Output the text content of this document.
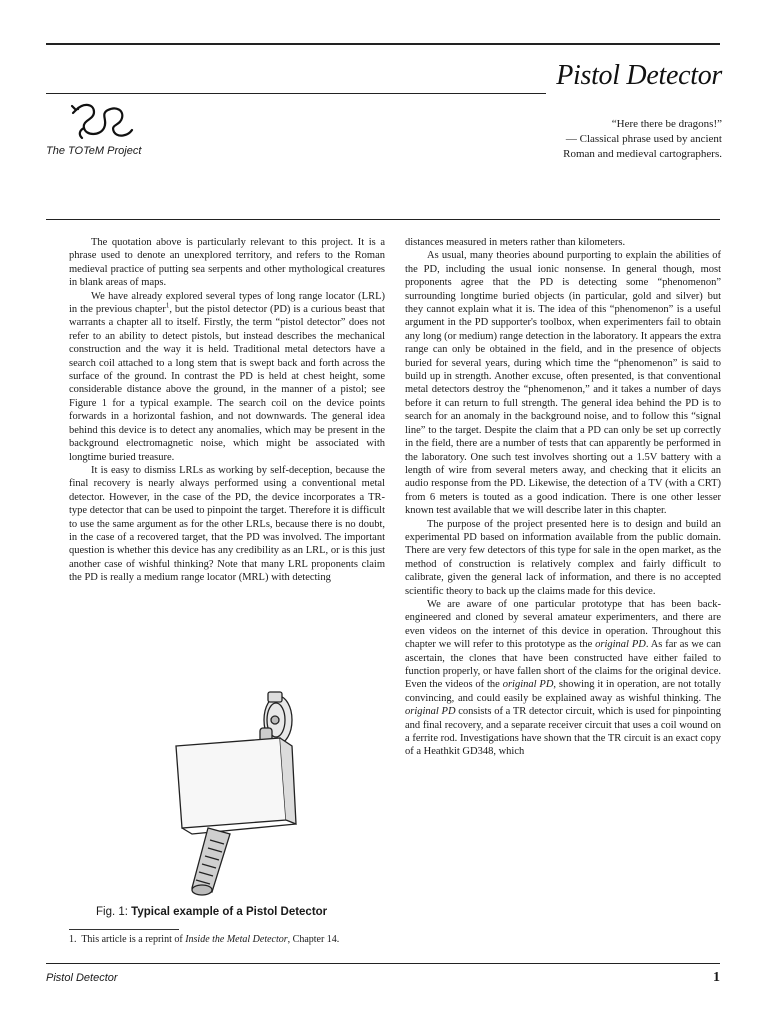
Pistol Detector
The TOTeM Project
“Here there be dragons!”
— Classical phrase used by ancient
Roman and medieval cartographers.

The quotation above is particularly relevant to this project. It is a phrase used to denote an unexplored territory, and refers to the Roman medieval practice of putting sea serpents and other mythological creatures in blank areas of maps.

We have already explored several types of long range locator (LRL) in the previous chapter$^1$, but the pistol detector (PD) is a curious beast that warrants a chapter all to itself. Firstly, the term “pistol detector” does not refer to an ability to detect pistols, but instead describes the mechanical construction and the way it is held. Traditional metal detectors have a search coil attached to a long stem that is swept back and forth across the surface of the ground. In contrast the PD is held at chest height, some considerable distance above the ground, in the manner of a pistol; see Figure 1 for a typical example. The search coil on the device points forwards in a horizontal fashion, and not downwards. The general idea behind this device is to detect any anomalies, which may be present in the background electromagnetic noise, which might be associated with longtime buried treasure.

It is easy to dismiss LRLs as working by self-deception, because the final recovery is nearly always performed using a conventional metal detector. However, in the case of the PD, the device incorporates a TR-type detector that can be used to pinpoint the target. Therefore it is difficult to use the same argument as for the other LRLs, because there is no doubt, in the case of a recovered target, that the PD was involved. The important question is whether this device has any credibility as an LRL, or is this just another case of wishful thinking? Note that many LRL proponents claim the PD is really a medium range locator (MRL) with detecting

Fig. 1: Typical example of a Pistol Detector
1. This article is a reprint of Inside the Metal Detector, Chapter 14.

distances measured in meters rather than kilometers.

As usual, many theories abound purporting to explain the abilities of the PD, including the usual ionic nonsense. In general though, most proponents agree that the PD is detecting some “phenomenon” surrounding longtime buried objects (in particular, gold and silver) but they cannot explain what it is. The idea of this “phenomenon” is a useful argument in the PD supporter's toolbox, when experimenters fail to obtain any long (or medium) range detection in the laboratory. It appears the extra range can only be obtained in the field, and in the presence of objects buried for several years, during which time the “phenomenon” is said to build up in strength. Another excuse, often presented, is that conventional metal detectors destroy the “phenomenon,” and it takes a number of days before it can return to full strength. The general idea behind the PD is to search for an anomaly in the background noise, and to follow this “signal line” to the target. Despite the claim that a PD can only be set up correctly in the field, there are a number of tests that can apparently be performed in the laboratory. One such test involves shorting out a 1.5V battery with a length of wire from several meters away, and checking that it elicits an audio response from the PD. Likewise, the detection of a TV (with a CRT) from 6 meters is touted as a good indication. There is one other lesser known test available that we will describe later in this chapter.

The purpose of the project presented here is to design and build an experimental PD based on information available from the public domain. There are very few detectors of this type for sale in the open market, as the method of construction is relatively complex and fairly difficult to calibrate, given the general lack of information, and there is no accepted scientific theory to back up the claims made for this device.

We are aware of one particular prototype that has been back-engineered and cloned by several amateur experimenters, and there are even videos on the internet of this device in operation. Throughout this chapter we will refer to this prototype as the original PD. As far as we can ascertain, the clones that have been constructed have either failed to function properly, or have fallen short of the claims for the original device. Even the videos of the original PD, showing it in operation, are not totally convincing, and could easily be explained away as wishful thinking. The original PD consists of a TR detector circuit, which is used for pinpointing and final recovery, and a separate receiver circuit that uses a coil wound on a ferrite rod. Investigations have shown that the TR circuit is an exact copy of a Heathkit GD348, which

Pistol Detector	1
